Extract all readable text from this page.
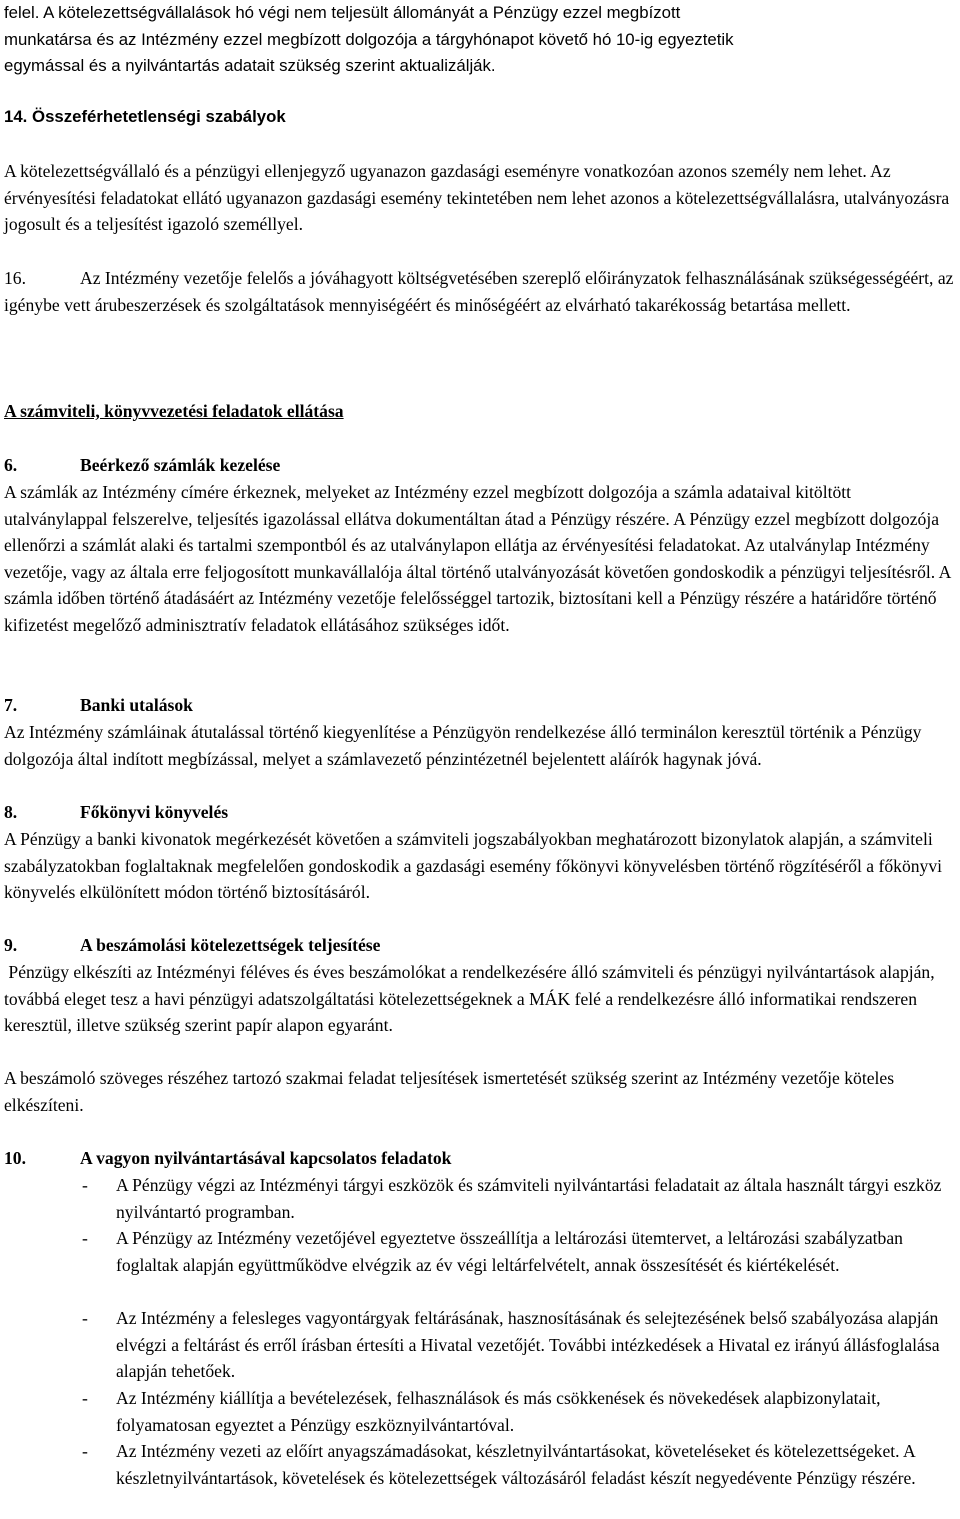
felel. A kötelezettségvállalások hó végi nem teljesült állományát a Pénzügy ezzel megbízott
munkatársa és az Intézmény ezzel megbízott dolgozója a tárgyhónapot követő hó 10-ig egyeztetik
egymással és a nyilvántartás adatait szükség szerint aktualizálják.

14. Összeférhetetlenségi szabályok

A kötelezettségvállaló és a pénzügyi ellenjegyző ugyanazon gazdasági eseményre vonatkozóan azonos személy nem lehet. Az érvényesítési feladatokat ellátó ugyanazon gazdasági esemény tekintetében nem lehet azonos a kötelezettségvállalásra, utalványozásra jogosult és a teljesítést igazoló személlyel.

16.	Az Intézmény vezetője felelős a jóváhagyott költségvetésében szereplő előirányzatok felhasználásának szükségességéért, az igénybe vett árubeszerzések és szolgáltatások mennyiségéért és minőségéért az elvárható takarékosság betartása mellett.

A számviteli, könyvvezetési feladatok ellátása

6.	Beérkező számlák kezelése

A számlák az Intézmény címére érkeznek, melyeket az Intézmény ezzel megbízott dolgozója a számla adataival kitöltött utalványlappal felszerelve, teljesítés igazolással ellátva dokumentáltan átad a Pénzügy részére. A Pénzügy ezzel megbízott dolgozója ellenőrzi a számlát alaki és tartalmi szempontból és az utalványlapon ellátja az érvényesítési feladatokat. Az utalványlap Intézmény vezetője, vagy az általa erre feljogosított munkavállalója által történő utalványozását követően gondoskodik a pénzügyi teljesítésről. A számla időben történő átadásáért az Intézmény vezetője felelősséggel tartozik, biztosítani kell a Pénzügy részére a határidőre történő kifizetést megelőző adminisztratív feladatok ellátásához szükséges időt.

7.	Banki utalások

Az Intézmény számláinak átutalással történő kiegyenlítése a Pénzügyön rendelkezése álló terminálon keresztül történik a Pénzügy dolgozója által indított megbízással, melyet a számlavezető pénzintézetnél bejelentett aláírók hagynak jóvá.

8.	Főkönyvi könyvelés

A Pénzügy a banki kivonatok megérkezését követően a számviteli jogszabályokban meghatározott bizonylatok alapján, a számviteli szabályzatokban foglaltaknak megfelelően gondoskodik a gazdasági esemény főkönyvi könyvelésben történő rögzítéséről a főkönyvi könyvelés elkülönített módon történő biztosításáról.

9.	A beszámolási kötelezettségek teljesítése

Pénzügy elkészíti az Intézményi féléves és éves beszámolókat a rendelkezésére álló számviteli és pénzügyi nyilvántartások alapján, továbbá eleget tesz a havi pénzügyi adatszolgáltatási kötelezettségeknek a MÁK felé a rendelkezésre álló informatikai rendszeren keresztül, illetve szükség szerint papír alapon egyaránt.

A beszámoló szöveges részéhez tartozó szakmai feladat teljesítések ismertetését szükség szerint az Intézmény vezetője köteles elkészíteni.

10.	A vagyon nyilvántartásával kapcsolatos feladatok

-	A Pénzügy végzi az Intézményi tárgyi eszközök és számviteli nyilvántartási feladatait az általa használt tárgyi eszköz nyilvántartó programban.
-	A Pénzügy az Intézmény vezetőjével egyeztetve összeállítja a leltározási ütemtervet, a leltározási szabályzatban foglaltak alapján együttműködve elvégzik az év végi leltárfelvételt, annak összesítését és kiértékelését.
-	Az Intézmény a felesleges vagyontárgyak feltárásának, hasznosításának és selejtezésének belső szabályozása alapján elvégzi a feltárást és erről írásban értesíti a Hivatal vezetőjét. További intézkedések a Hivatal ez irányú állásfoglalása alapján tehetőek.
-	Az Intézmény kiállítja a bevételezések, felhasználások és más csökkenések és növekedések alapbizonylatait, folyamatosan egyeztet a Pénzügy eszköznyilvántartóval.
-	Az Intézmény vezeti az előírt anyagszámadásokat, készletnyilvántartásokat, követeléseket és kötelezettségeket. A készletnyilvántartások, követelések és kötelezettségek változásáról feladást készít negyedévente Pénzügy részére.
